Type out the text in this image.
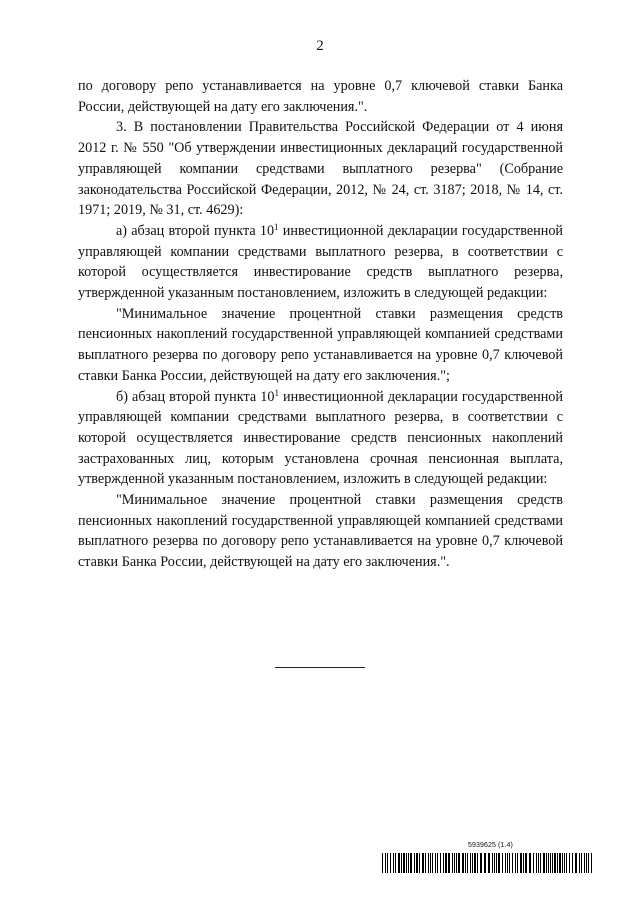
2

по договору репо устанавливается на уровне 0,7 ключевой ставки Банка России, действующей на дату его заключения.".

3. В постановлении Правительства Российской Федерации от 4 июня 2012 г. № 550 "Об утверждении инвестиционных деклараций государственной управляющей компании средствами выплатного резерва" (Собрание законодательства Российской Федерации, 2012, № 24, ст. 3187; 2018, № 14, ст. 1971; 2019, № 31, ст. 4629):

а) абзац второй пункта $10^1$ инвестиционной декларации государственной управляющей компании средствами выплатного резерва, в соответствии с которой осуществляется инвестирование средств выплатного резерва, утвержденной указанным постановлением, изложить в следующей редакции:

"Минимальное значение процентной ставки размещения средств пенсионных накоплений государственной управляющей компанией средствами выплатного резерва по договору репо устанавливается на уровне 0,7 ключевой ставки Банка России, действующей на дату его заключения.";

б) абзац второй пункта $10^1$ инвестиционной декларации государственной управляющей компании средствами выплатного резерва, в соответствии с которой осуществляется инвестирование средств пенсионных накоплений застрахованных лиц, которым установлена срочная пенсионная выплата, утвержденной указанным постановлением, изложить в следующей редакции:

"Минимальное значение процентной ставки размещения средств пенсионных накоплений государственной управляющей компанией средствами выплатного резерва по договору репо устанавливается на уровне 0,7 ключевой ставки Банка России, действующей на дату его заключения.".

5939625 (1.4)
